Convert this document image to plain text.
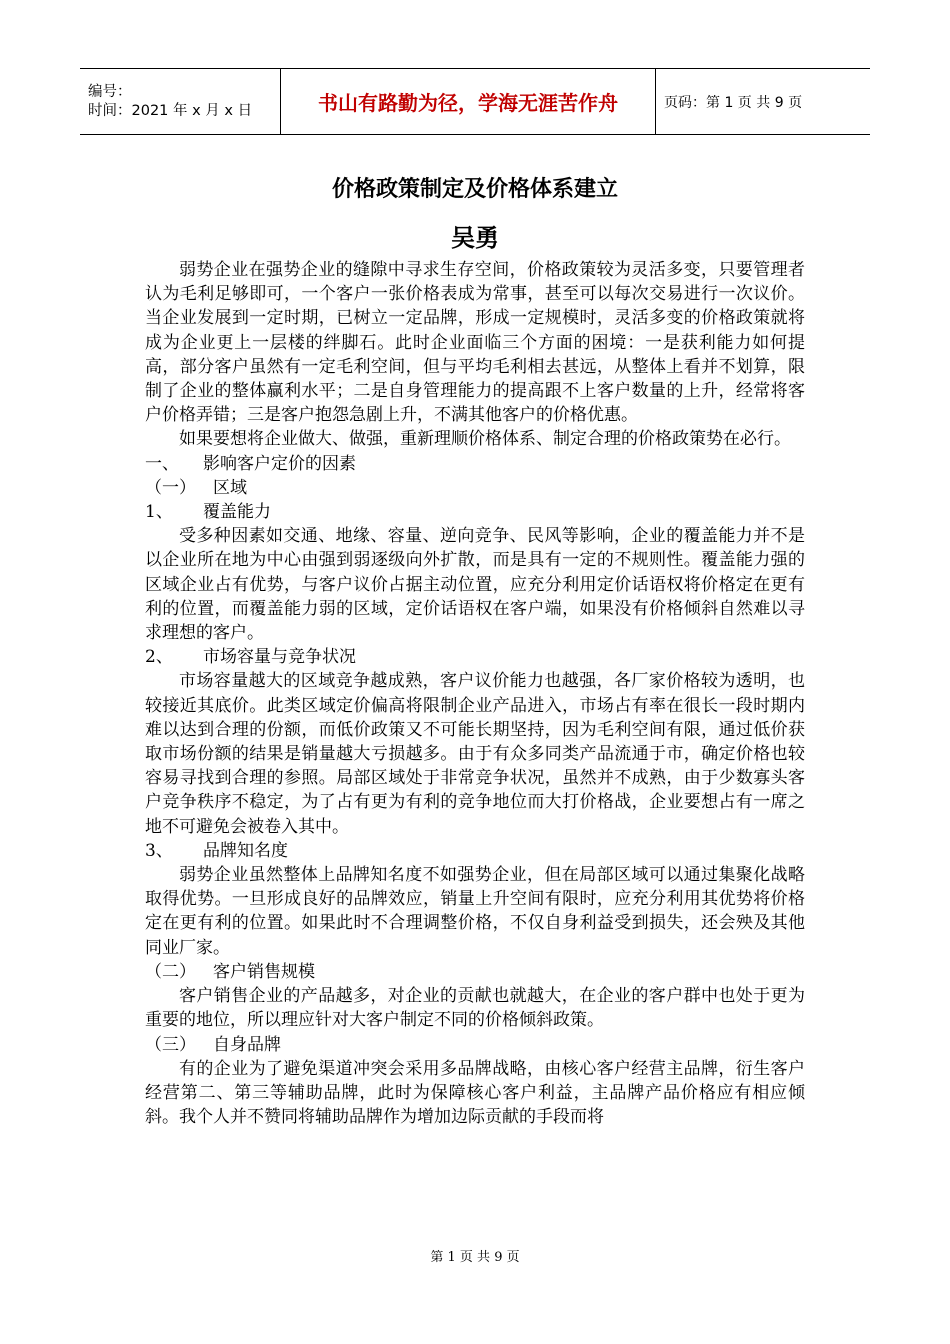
编号：
时间：2021 年 x 月 x 日	书山有路勤为径，学海无涯苦作舟	页码：第 1 页 共 9 页
价格政策制定及价格体系建立
吴勇

弱势企业在强势企业的缝隙中寻求生存空间，价格政策较为灵活多变，只要管理者认为毛利足够即可，一个客户一张价格表成为常事，甚至可以每次交易进行一次议价。当企业发展到一定时期，已树立一定品牌，形成一定规模时，灵活多变的价格政策就将成为企业更上一层楼的绊脚石。此时企业面临三个方面的困境：一是获利能力如何提高，部分客户虽然有一定毛利空间，但与平均毛利相去甚远，从整体上看并不划算，限制了企业的整体赢利水平；二是自身管理能力的提高跟不上客户数量的上升，经常将客户价格弄错；三是客户抱怨急剧上升，不满其他客户的价格优惠。

如果要想将企业做大、做强，重新理顺价格体系、制定合理的价格政策势在必行。

一、	影响客户定价的因素
（一）	区域
1、	覆盖能力

受多种因素如交通、地缘、容量、逆向竞争、民风等影响，企业的覆盖能力并不是以企业所在地为中心由强到弱逐级向外扩散，而是具有一定的不规则性。覆盖能力强的区域企业占有优势，与客户议价占据主动位置，应充分利用定价话语权将价格定在更有利的位置，而覆盖能力弱的区域，定价话语权在客户端，如果没有价格倾斜自然难以寻求理想的客户。

2、	市场容量与竞争状况

市场容量越大的区域竞争越成熟，客户议价能力也越强，各厂家价格较为透明，也较接近其底价。此类区域定价偏高将限制企业产品进入，市场占有率在很长一段时期内难以达到合理的份额，而低价政策又不可能长期坚持，因为毛利空间有限，通过低价获取市场份额的结果是销量越大亏损越多。由于有众多同类产品流通于市，确定价格也较容易寻找到合理的参照。局部区域处于非常竞争状况，虽然并不成熟，由于少数寡头客户竞争秩序不稳定，为了占有更为有利的竞争地位而大打价格战，企业要想占有一席之地不可避免会被卷入其中。

3、	品牌知名度

弱势企业虽然整体上品牌知名度不如强势企业，但在局部区域可以通过集聚化战略取得优势。一旦形成良好的品牌效应，销量上升空间有限时，应充分利用其优势将价格定在更有利的位置。如果此时不合理调整价格，不仅自身利益受到损失，还会殃及其他同业厂家。

（二）	客户销售规模

客户销售企业的产品越多，对企业的贡献也就越大，在企业的客户群中也处于更为重要的地位，所以理应针对大客户制定不同的价格倾斜政策。

（三）	自身品牌

有的企业为了避免渠道冲突会采用多品牌战略，由核心客户经营主品牌，衍生客户经营第二、第三等辅助品牌，此时为保障核心客户利益，主品牌产品价格应有相应倾斜。我个人并不赞同将辅助品牌作为增加边际贡献的手段而将

第 1 页 共 9 页
